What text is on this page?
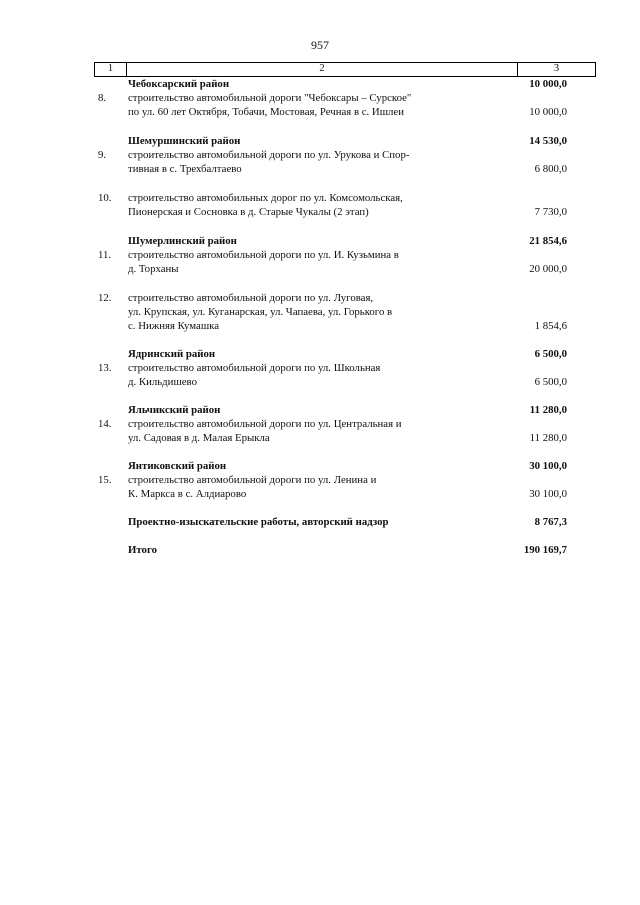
957
1	2	3
Чебоксарский район	10 000,0
8.	строительство автомобильной дороги "Чебоксары – Сурское"
по ул. 60 лет Октября, Тобачи, Мостовая, Речная в с. Ишлеи	10 000,0
Шемуршинский район	14 530,0
9.	строительство автомобильной дороги по ул. Урукова и Спор-
тивная в с. Трехбалтаево	6 800,0
10.	строительство автомобильных дорог по ул. Комсомольская,
Пионерская и Сосновка в д. Старые Чукалы (2 этап)	7 730,0
Шумерлинский район	21 854,6
11.	строительство автомобильной дороги по ул. И. Кузьмина в
д. Торханы	20 000,0
12.	строительство автомобильной дороги по ул. Луговая,
ул. Крупская, ул. Куганарская, ул. Чапаева, ул. Горького в
с. Нижняя Кумашка	1 854,6
Ядринский район	6 500,0
13.	строительство автомобильной дороги по ул. Школьная
д. Кильдишево	6 500,0
Яльчикский район	11 280,0
14.	строительство автомобильной дороги по ул. Центральная и
ул. Садовая в д. Малая Ерыкла	11 280,0
Янтиковский район	30 100,0
15.	строительство автомобильной дороги по ул. Ленина и
К. Маркса в с. Алдиарово	30 100,0
Проектно-изыскательские работы, авторский надзор	8 767,3
Итого	190 169,7
